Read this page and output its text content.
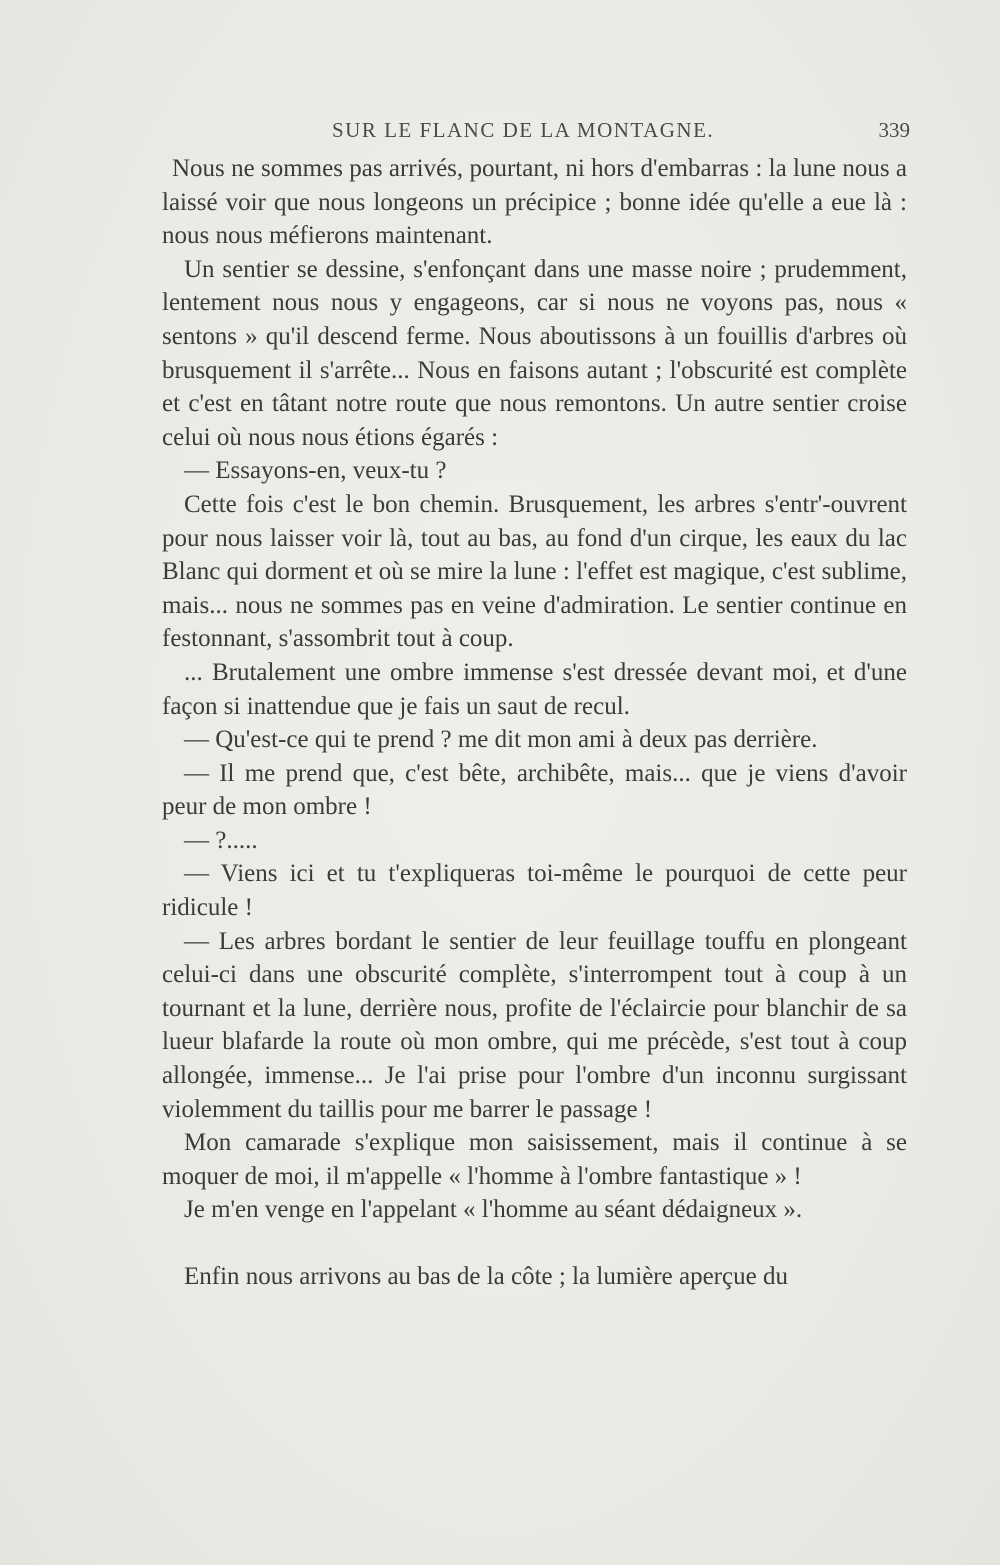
SUR LE FLANC DE LA MONTAGNE.	339

Nous ne sommes pas arrivés, pourtant, ni hors d'embarras : la lune nous a laissé voir que nous longeons un précipice ; bonne idée qu'elle a eue là : nous nous méfierons maintenant.

Un sentier se dessine, s'enfonçant dans une masse noire ; prudemment, lentement nous nous y engageons, car si nous ne voyons pas, nous « sentons » qu'il descend ferme. Nous aboutissons à un fouillis d'arbres où brusquement il s'arrête... Nous en faisons autant ; l'obscurité est complète et c'est en tâtant notre route que nous remontons. Un autre sentier croise celui où nous nous étions égarés :

— Essayons-en, veux-tu ?

Cette fois c'est le bon chemin. Brusquement, les arbres s'entr'-ouvrent pour nous laisser voir là, tout au bas, au fond d'un cirque, les eaux du lac Blanc qui dorment et où se mire la lune : l'effet est magique, c'est sublime, mais... nous ne sommes pas en veine d'admiration. Le sentier continue en festonnant, s'assombrit tout à coup.

... Brutalement une ombre immense s'est dressée devant moi, et d'une façon si inattendue que je fais un saut de recul.

— Qu'est-ce qui te prend ? me dit mon ami à deux pas derrière.

— Il me prend que, c'est bête, archibête, mais... que je viens d'avoir peur de mon ombre !

— ?.....

— Viens ici et tu t'expliqueras toi-même le pourquoi de cette peur ridicule !

— Les arbres bordant le sentier de leur feuillage touffu en plongeant celui-ci dans une obscurité complète, s'interrompent tout à coup à un tournant et la lune, derrière nous, profite de l'éclaircie pour blanchir de sa lueur blafarde la route où mon ombre, qui me précède, s'est tout à coup allongée, immense... Je l'ai prise pour l'ombre d'un inconnu surgissant violemment du taillis pour me barrer le passage !

Mon camarade s'explique mon saisissement, mais il continue à se moquer de moi, il m'appelle « l'homme à l'ombre fantastique » !

Je m'en venge en l'appelant « l'homme au séant dédaigneux ».

Enfin nous arrivons au bas de la côte ; la lumière aperçue du
